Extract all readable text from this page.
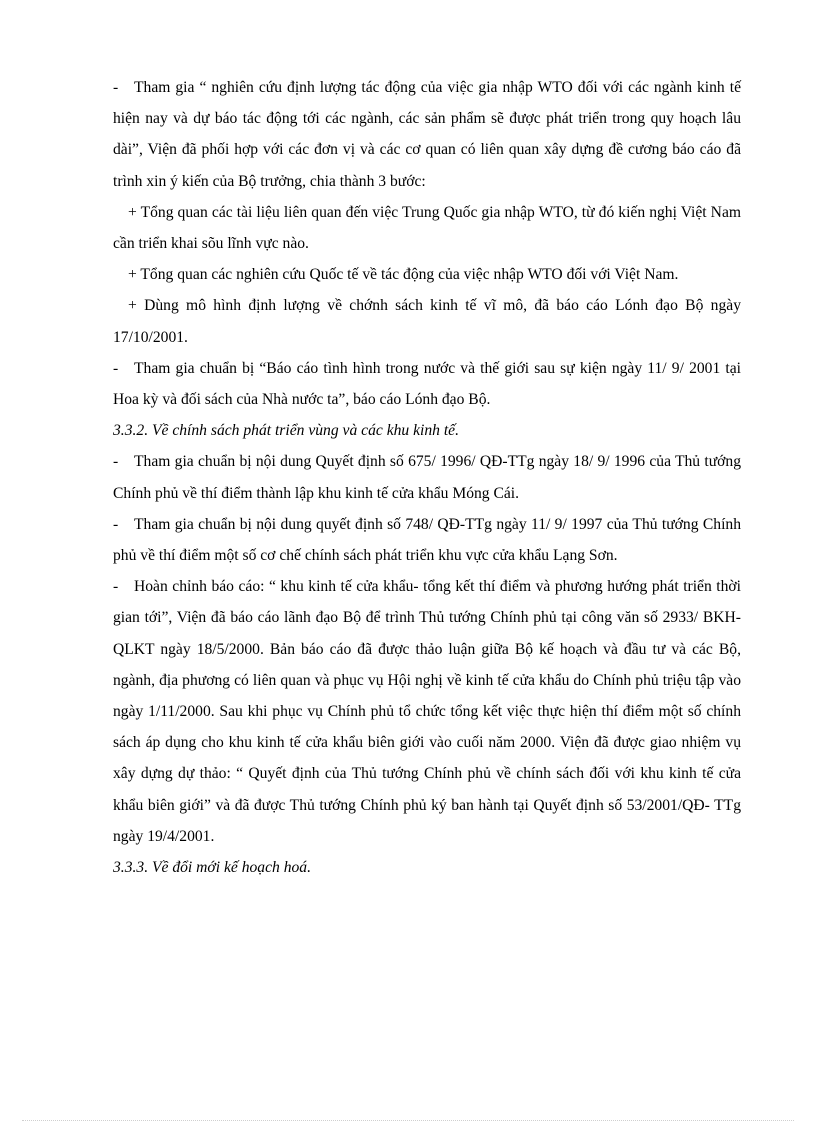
- Tham gia “ nghiên cứu định lượng tác động của việc gia nhập WTO đối với các ngành kinh tế hiện nay và dự báo tác động tới các ngành, các sản phẩm sẽ được phát triển trong quy hoạch lâu dài”, Viện đã phối hợp với các đơn vị và các cơ quan có liên quan xây dựng đề cương báo cáo đã trình xin ý kiến của Bộ trưởng, chia thành 3 bước:

+ Tổng quan các tài liệu liên quan đến việc Trung Quốc gia nhập WTO, từ đó kiến nghị Việt Nam cần triển khai sõu lĩnh vực nào.

+ Tổng quan các nghiên cứu Quốc tế về tác động của việc nhập WTO đối với Việt Nam.

+ Dùng mô hình định lượng về chớnh sách kinh tế vĩ mô, đã báo cáo Lónh đạo Bộ ngày 17/10/2001.

- Tham gia chuẩn bị “Báo cáo tình hình trong nước và thế giới sau sự kiện ngày 11/ 9/ 2001 tại Hoa kỳ và đối sách của Nhà nước ta”, báo cáo Lónh đạo Bộ.

3.3.2. Về chính sách phát triển vùng và các khu kinh tế.

- Tham gia chuẩn bị nội dung Quyết định số 675/ 1996/ QĐ-TTg ngày 18/ 9/ 1996 của Thủ tướng Chính phủ về thí điểm thành lập khu kinh tế cửa khẩu Móng Cái.

- Tham gia chuẩn bị nội dung quyết định số 748/ QĐ-TTg ngày 11/ 9/ 1997 của Thủ tướng Chính phủ về thí điểm một số cơ chế chính sách phát triển khu vực cửa khẩu Lạng Sơn.

- Hoàn chỉnh báo cáo: “ khu kinh tế cửa khẩu- tổng kết thí điểm và phương hướng phát triển thời gian tới”, Viện đã báo cáo lãnh đạo Bộ để trình Thủ tướng Chính phủ tại công văn số 2933/ BKH-QLKT ngày 18/5/2000. Bản báo cáo đã được thảo luận giữa Bộ kế hoạch và đầu tư và các Bộ, ngành, địa phương có liên quan và phục vụ Hội nghị về kinh tế cửa khẩu do Chính phủ triệu tập vào ngày 1/11/2000. Sau khi phục vụ Chính phủ tổ chức tổng kết việc thực hiện thí điểm một số chính sách áp dụng cho khu kinh tế cửa khẩu biên giới vào cuối năm 2000. Viện đã được giao nhiệm vụ xây dựng dự thảo: “ Quyết định của Thủ tướng Chính phủ về chính sách đối với khu kinh tế cửa khẩu biên giới” và đã được Thủ tướng Chính phủ ký ban hành tại Quyết định số 53/2001/QĐ- TTg ngày 19/4/2001.

3.3.3. Về đổi mới kế hoạch hoá.
